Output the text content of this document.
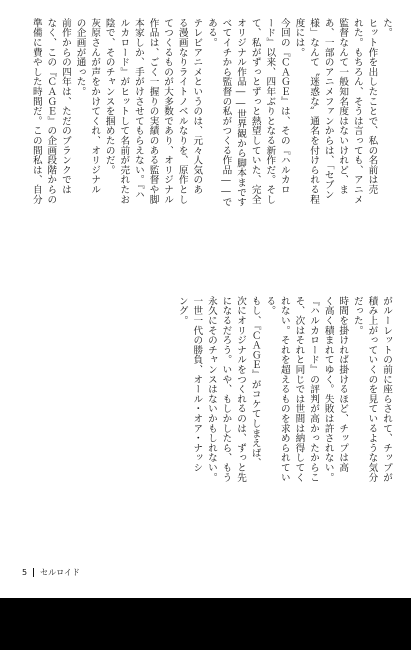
た。
ヒット作を出したことで、私の名前は売
れた。もちろん、そうは言っても、アニメ
監督なんて一般知名度はないけれど、ま
あ、一部のアニメファンからは、「セブン
様」なんて〝迷惑な〟通名を付けられる程
度には。
今回の『ＣＡＧＥ』は、その『ハルカロ
ード』以来、四年ぶりとなる新作だ。そし
て、私がずっとずっと熱望していた、完全
オリジナル作品――世界観から脚本まです
べてイチから監督の私がつくる作品――で
ある。
テレビアニメというのは、元々人気のあ
る漫画なりライトノベルなりを、原作とし
てつくるものが大多数であり、オリジナル
作品は、ごく一握りの実績のある監督や脚
本家しか、手がけさせてもらえない。『ハ
ルカロード』がヒットして名前が売れたお
陰で、そのチャンスを掴めたのだ。
灰原さんが声をかけてくれ、オリジナル
の企画が通った。
前作からの四年は、ただのブランクでは
なく、この『ＣＡＧＥ』の企画段階からの
準備に費やした時間だ。この間私は、自分
がルーレットの前に座らされて、チップが
積み上がっていくのを見ているような気分
だった。
時間を掛ければ掛けるほど、チップは高
く高く積まれてゆく。失敗は許されない。
『ハルカロード』の評判が高かったからこ
そ、次はそれと同じでは世間は納得してく
れない。それを超えるものを求められてい
る。
もし、『ＣＡＧＥ』がコケてしまえば、
次にオリジナルをつくれるのは、ずっと先
になるだろう。いや、もしかしたら、もう
永久にそのチャンスはないかもしれない。
一世一代の勝負、オール・オア・ナッシ
ング。
5 セルロイド
